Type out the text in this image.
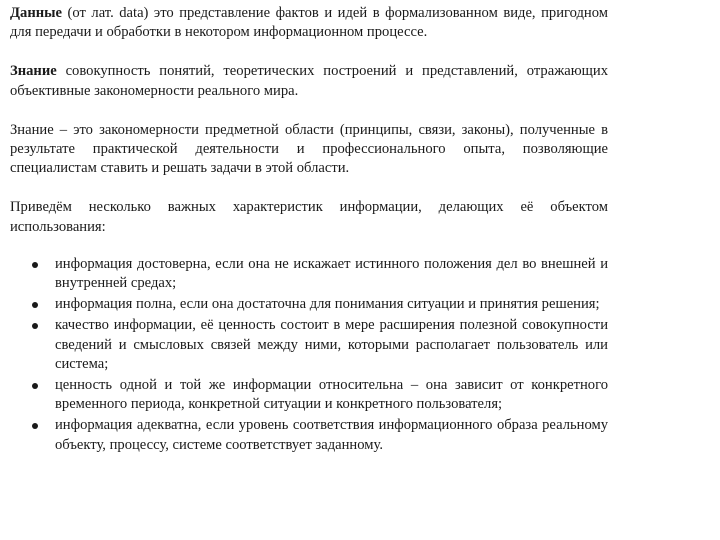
Данные (от лат. data) это представление фактов и идей в формализованном виде, пригодном для передачи и обработки в некотором информационном процессе.

Знание совокупность понятий, теоретических построений и представлений, отражающих объективные закономерности реального мира.

Знание – это закономерности предметной области (принципы, связи, законы), полученные в результате практической деятельности и профессионального опыта, позволяющие специалистам ставить и решать задачи в этой области.

Приведём несколько важных характеристик информации, делающих её объектом использования:

информация достоверна, если она не искажает истинного положения дел во внешней и внутренней средах;
информация полна, если она достаточна для понимания ситуации и принятия решения;
качество информации, её ценность состоит в мере расширения полезной совокупности сведений и смысловых связей между ними, которыми располагает пользователь или система;
ценность одной и той же информации относительна – она зависит от конкретного временного периода, конкретной ситуации и конкретного пользователя;
информация адекватна, если уровень соответствия информационного образа реальному объекту, процессу, системе соответствует заданному.
